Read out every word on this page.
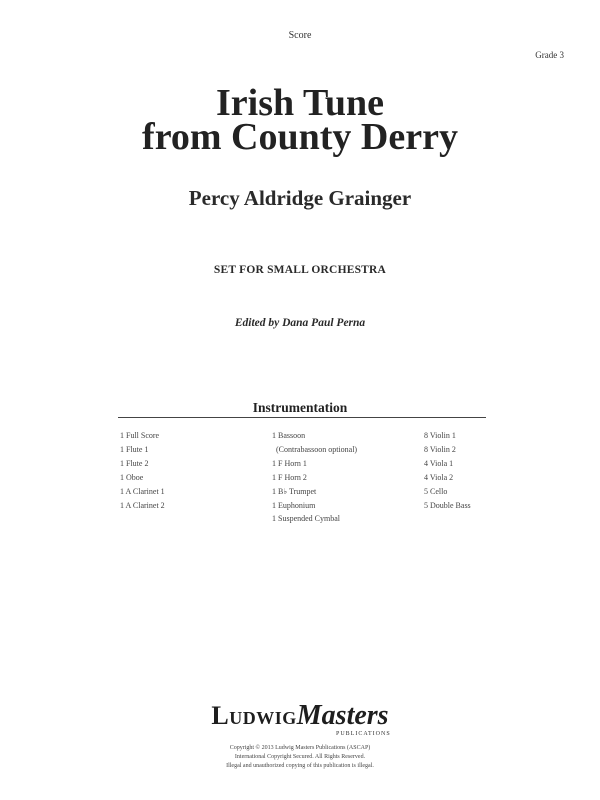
Score
Grade 3
Irish Tune
from County Derry
Percy Aldridge Grainger
SET FOR SMALL ORCHESTRA
Edited by Dana Paul Perna
Instrumentation
1 Full Score
1 Flute 1
1 Flute 2
1 Oboe
1 A Clarinet 1
1 A Clarinet 2
1 Bassoon
(Contrabassoon optional)
1 F Horn 1
1 F Horn 2
1 B♭ Trumpet
1 Euphonium
1 Suspended Cymbal
8 Violin 1
8 Violin 2
4 Viola 1
4 Viola 2
5 Cello
5 Double Bass
LudwigMasters
PUBLICATIONS
Copyright © 2013 Ludwig Masters Publications (ASCAP)
International Copyright Secured. All Rights Reserved.
Illegal and unauthorized copying of this publication is illegal.
